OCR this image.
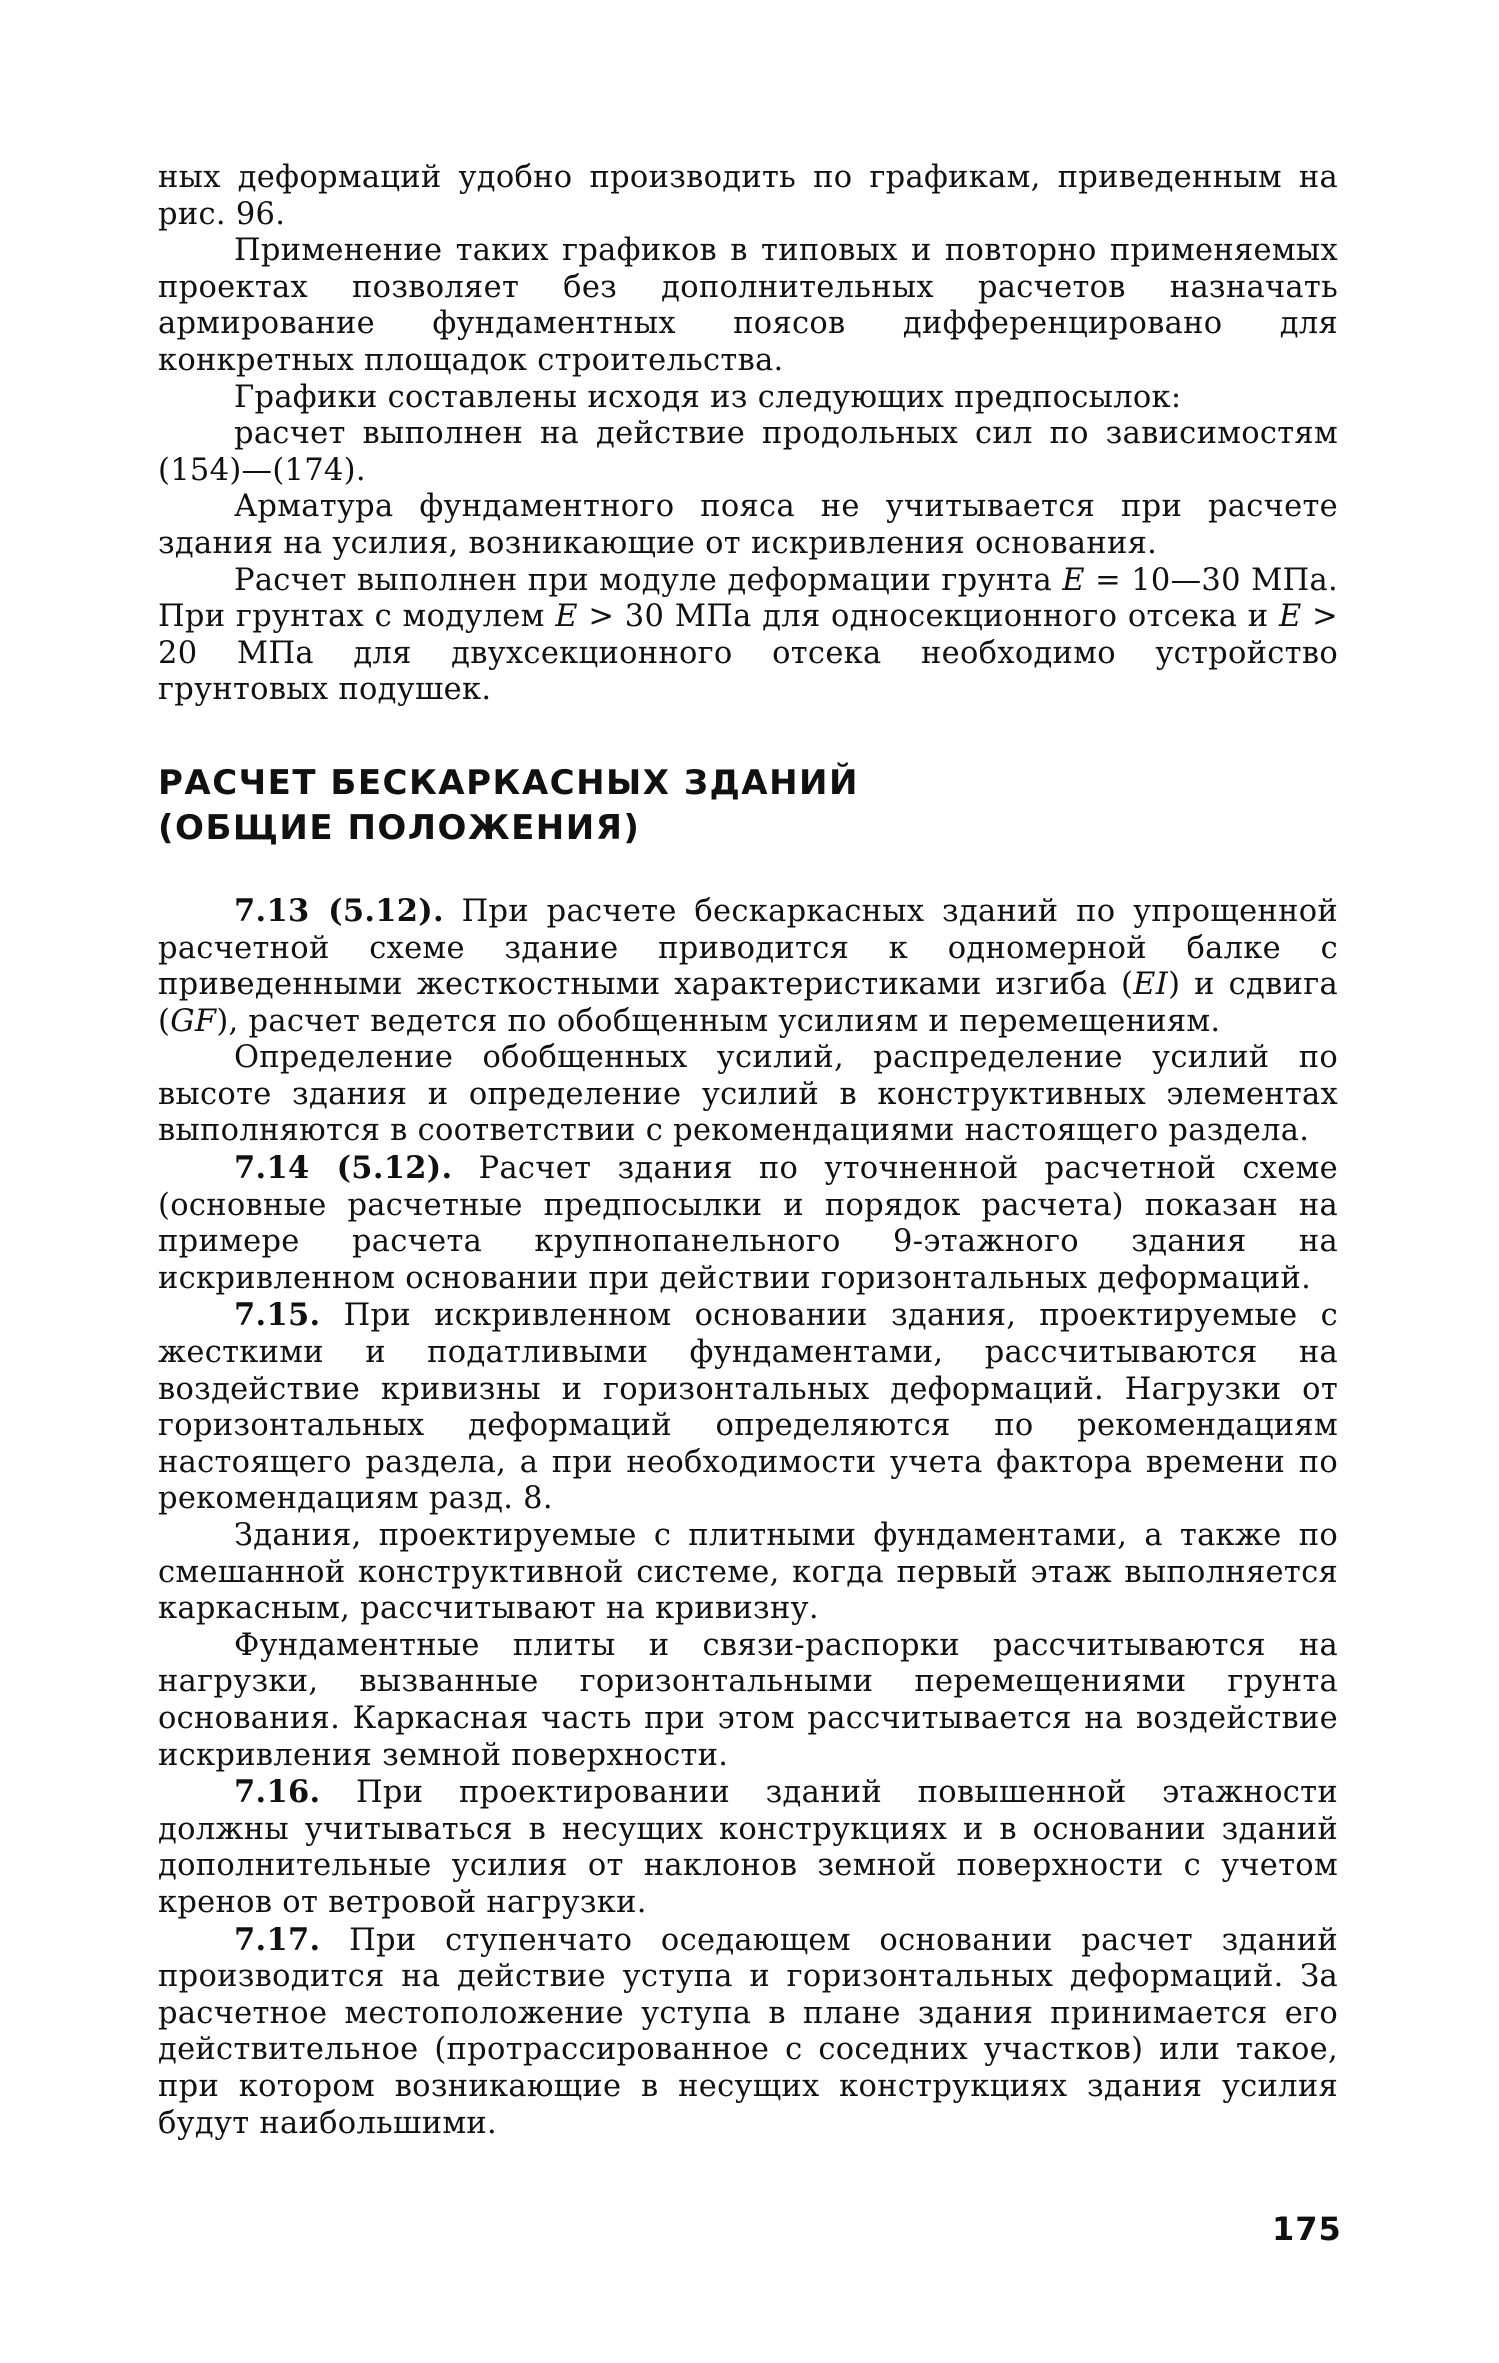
ных деформаций удобно производить по графикам, приведенным на рис. 96.

Применение таких графиков в типовых и повторно применяемых проектах позволяет без дополнительных расчетов назначать армирование фундаментных поясов дифференцировано для конкретных площадок строительства.

Графики составлены исходя из следующих предпосылок:

расчет выполнен на действие продольных сил по зависимостям (154)—(174).

Арматура фундаментного пояса не учитывается при расчете здания на усилия, возникающие от искривления основания.

Расчет выполнен при модуле деформации грунта E = 10—30 МПа. При грунтах с модулем E > 30 МПа для односекционного отсека и E > 20 МПа для двухсекционного отсека необходимо устройство грунтовых подушек.

РАСЧЕТ БЕСКАРКАСНЫХ ЗДАНИЙ
(ОБЩИЕ ПОЛОЖЕНИЯ)

7.13 (5.12). При расчете бескаркасных зданий по упрощенной расчетной схеме здание приводится к одномерной балке с приведенными жесткостными характеристиками изгиба (EI) и сдвига (GF), расчет ведется по обобщенным усилиям и перемещениям.

Определение обобщенных усилий, распределение усилий по высоте здания и определение усилий в конструктивных элементах выполняются в соответствии с рекомендациями настоящего раздела.

7.14 (5.12). Расчет здания по уточненной расчетной схеме (основные расчетные предпосылки и порядок расчета) показан на примере расчета крупнопанельного 9-этажного здания на искривленном основании при действии горизонтальных деформаций.

7.15. При искривленном основании здания, проектируемые с жесткими и податливыми фундаментами, рассчитываются на воздействие кривизны и горизонтальных деформаций. Нагрузки от горизонтальных деформаций определяются по рекомендациям настоящего раздела, а при необходимости учета фактора времени по рекомендациям разд. 8.

Здания, проектируемые с плитными фундаментами, а также по смешанной конструктивной системе, когда первый этаж выполняется каркасным, рассчитывают на кривизну.

Фундаментные плиты и связи-распорки рассчитываются на нагрузки, вызванные горизонтальными перемещениями грунта основания. Каркасная часть при этом рассчитывается на воздействие искривления земной поверхности.

7.16. При проектировании зданий повышенной этажности должны учитываться в несущих конструкциях и в основании зданий дополнительные усилия от наклонов земной поверхности с учетом кренов от ветровой нагрузки.

7.17. При ступенчато оседающем основании расчет зданий производится на действие уступа и горизонтальных деформаций. За расчетное местоположение уступа в плане здания принимается его действительное (протрассированное с соседних участков) или такое, при котором возникающие в несущих конструкциях здания усилия будут наибольшими.

175
